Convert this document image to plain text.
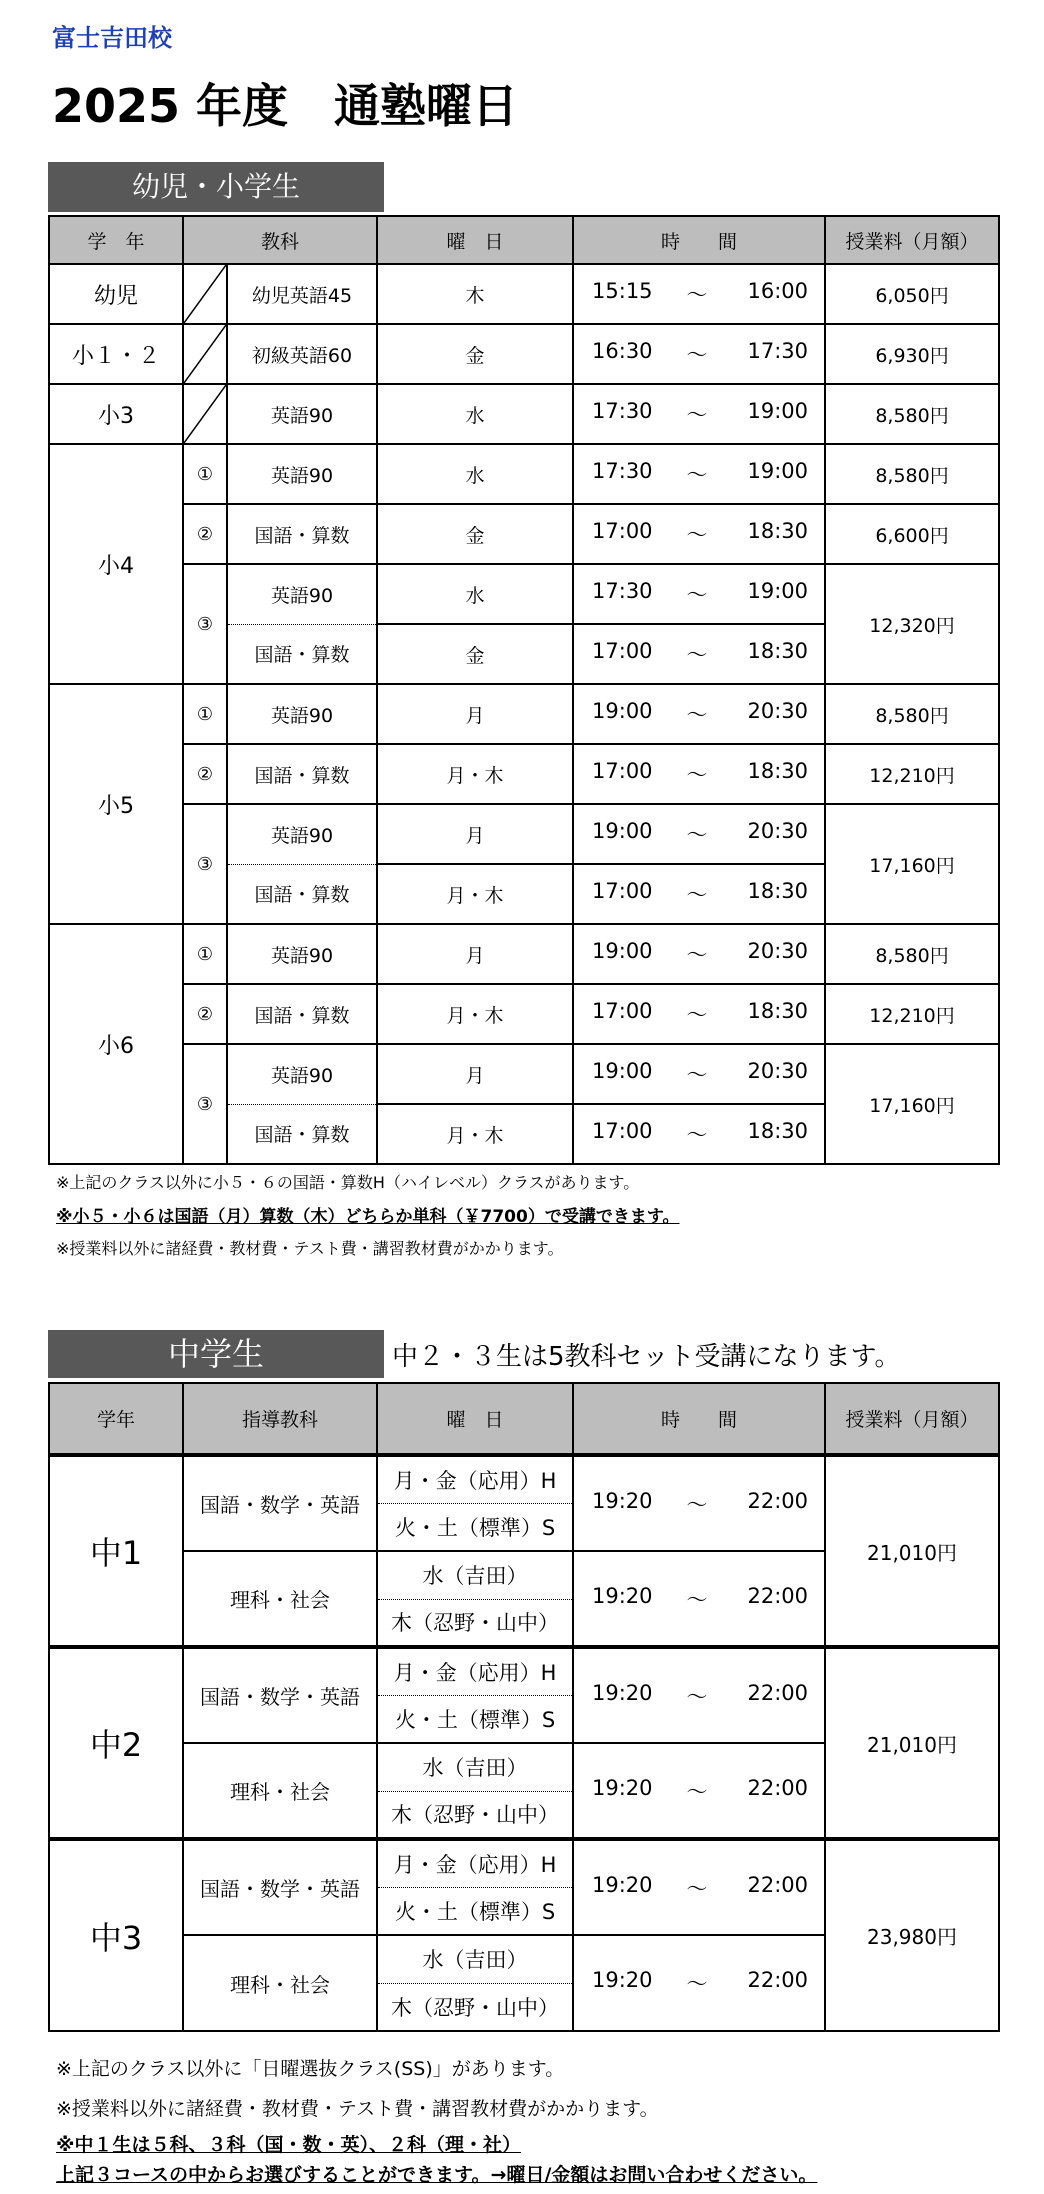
富士吉田校
2025 年度　通塾曜日
幼児・小学生
学　年	教科		曜　日	時　　間	授業料（月額）
幼児		幼児英語45	木	15:15 ～ 16:00	6,050円
小１・２		初級英語60	金	16:30 ～ 17:30	6,930円
小3		英語90	水	17:30 ～ 19:00	8,580円
小4	①	英語90	水	17:30 ～ 19:00	8,580円
	②	国語・算数	金	17:00 ～ 18:30	6,600円
	③	英語90	水	17:30 ～ 19:00	12,320円
		国語・算数	金	17:00 ～ 18:30	

小5	①	英語90	月	19:00 ～ 20:30	8,580円
	②	国語・算数	月・木	17:00 ～ 18:30	12,210円
	③	英語90	月	19:00 ～ 20:30	17,160円
		国語・算数	月・木	17:00 ～ 18:30	

小6	①	英語90	月	19:00 ～ 20:30	8,580円
	②	国語・算数	月・木	17:00 ～ 18:30	12,210円
	③	英語90	月	19:00 ～ 20:30	17,160円
		国語・算数	月・木	17:00 ～ 18:30	
※上記のクラス以外に小５・６の国語・算数H（ハイレベル）クラスがあります。
※小５・小６は国語（月）算数（木）どちらか単科（￥7700）で受講できます。
※授業料以外に諸経費・教材費・テスト費・講習教材費がかかります。
中学生	中２・３生は5教科セット受講になります。
学年	指導教科	曜　日	時　　間	授業料（月額）
中1	国語・数学・英語	月・金（応用）H	19:20 ～ 22:00	21,010円
		火・土（標準）S		
	理科・社会	水（吉田）	19:20 ～ 22:00	

		木（忍野・山中）		
中2	国語・数学・英語	月・金（応用）H	19:20 ～ 22:00	21,010円
		火・土（標準）S		
	理科・社会	水（吉田）	19:20 ～ 22:00	

		木（忍野・山中）		
中3	国語・数学・英語	月・金（応用）H	19:20 ～ 22:00	23,980円
		火・土（標準）S		
	理科・社会	水（吉田）	19:20 ～ 22:00	

		木（忍野・山中）		
※上記のクラス以外に「日曜選抜クラス(SS)」があります。
※授業料以外に諸経費・教材費・テスト費・講習教材費がかかります。
※中１生は５科、３科（国・数・英）、２科（理・社）
上記３コースの中からお選びすることができます。→曜日/金額はお問い合わせください。
